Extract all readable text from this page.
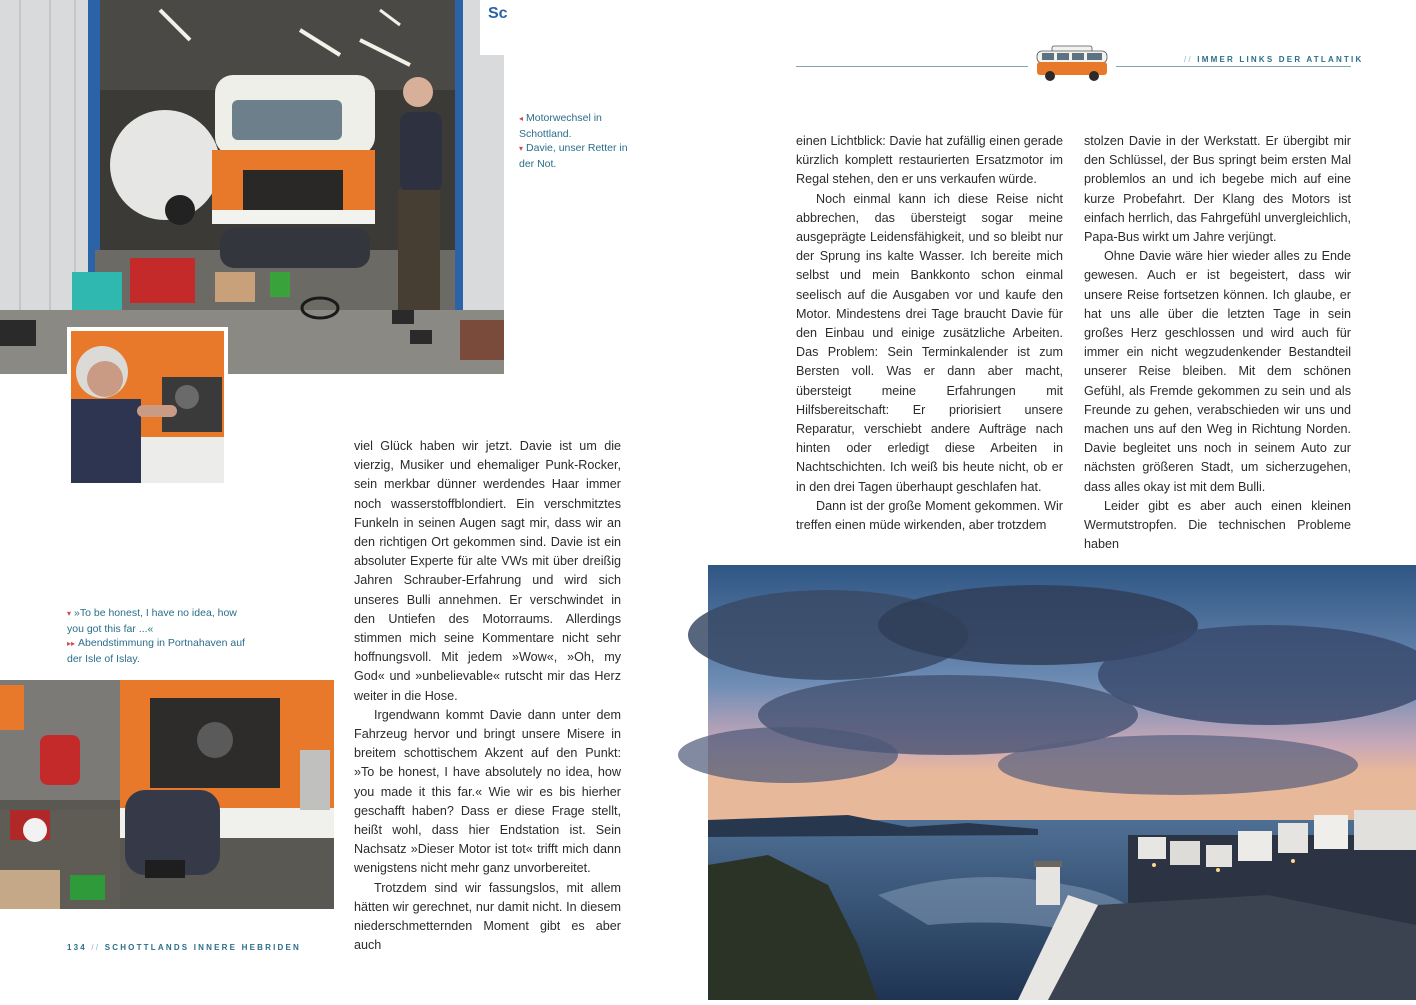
Sc
◂ Motorwechsel in Schottland.
▾ Davie, unser Retter in der Not.
▾ »To be honest, I have no idea, how you got this far ...«
▸▸ Abendstimmung in Portnahaven auf der Isle of Islay.

viel Glück haben wir jetzt. Davie ist um die vierzig, Musiker und ehemaliger Punk-Rocker, sein merkbar dünner werdendes Haar immer noch wasserstoffblondiert. Ein verschmitztes Funkeln in seinen Augen sagt mir, dass wir an den richtigen Ort gekommen sind. Davie ist ein absoluter Experte für alte VWs mit über dreißig Jahren Schrauber-Erfahrung und wird sich unseres Bulli annehmen. Er verschwindet in den Untiefen des Motorraums. Allerdings stimmen mich seine Kommentare nicht sehr hoffnungsvoll. Mit jedem »Wow«, »Oh, my God« und »unbelievable« rutscht mir das Herz weiter in die Hose.

Irgendwann kommt Davie dann unter dem Fahrzeug hervor und bringt unsere Misere in breitem schottischem Akzent auf den Punkt: »To be honest, I have absolutely no idea, how you made it this far.« Wie wir es bis hierher geschafft haben? Dass er diese Frage stellt, heißt wohl, dass hier Endstation ist. Sein Nachsatz »Dieser Motor ist tot« trifft mich dann wenigstens nicht mehr ganz unvorbereitet.

Trotzdem sind wir fassungslos, mit allem hätten wir gerechnet, nur damit nicht. In diesem niederschmetternden Moment gibt es aber auch

134 // SCHOTTLANDS INNERE HEBRIDEN
// IMMER LINKS DER ATLANTIK

einen Lichtblick: Davie hat zufällig einen gerade kürzlich komplett restaurierten Ersatzmotor im Regal stehen, den er uns verkaufen würde.

Noch einmal kann ich diese Reise nicht abbrechen, das übersteigt sogar meine ausgeprägte Leidensfähigkeit, und so bleibt nur der Sprung ins kalte Wasser. Ich bereite mich selbst und mein Bankkonto schon einmal seelisch auf die Ausgaben vor und kaufe den Motor. Mindestens drei Tage braucht Davie für den Einbau und einige zusätzliche Arbeiten. Das Problem: Sein Terminkalender ist zum Bersten voll. Was er dann aber macht, übersteigt meine Erfahrungen mit Hilfsbereitschaft: Er priorisiert unsere Reparatur, verschiebt andere Aufträge nach hinten oder erledigt diese Arbeiten in Nachtschichten. Ich weiß bis heute nicht, ob er in den drei Tagen überhaupt geschlafen hat.

Dann ist der große Moment gekommen. Wir treffen einen müde wirkenden, aber trotzdem

stolzen Davie in der Werkstatt. Er übergibt mir den Schlüssel, der Bus springt beim ersten Mal problemlos an und ich begebe mich auf eine kurze Probefahrt. Der Klang des Motors ist einfach herrlich, das Fahrgefühl unvergleichlich, Papa-Bus wirkt um Jahre verjüngt.

Ohne Davie wäre hier wieder alles zu Ende gewesen. Auch er ist begeistert, dass wir unsere Reise fortsetzen können. Ich glaube, er hat uns alle über die letzten Tage in sein großes Herz geschlossen und wird auch für immer ein nicht wegzudenkender Bestandteil unserer Reise bleiben. Mit dem schönen Gefühl, als Fremde gekommen zu sein und als Freunde zu gehen, verabschieden wir uns und machen uns auf den Weg in Richtung Norden. Davie begleitet uns noch in seinem Auto zur nächsten größeren Stadt, um sicherzugehen, dass alles okay ist mit dem Bulli.

Leider gibt es aber auch einen kleinen Wermutstropfen. Die technischen Probleme haben
